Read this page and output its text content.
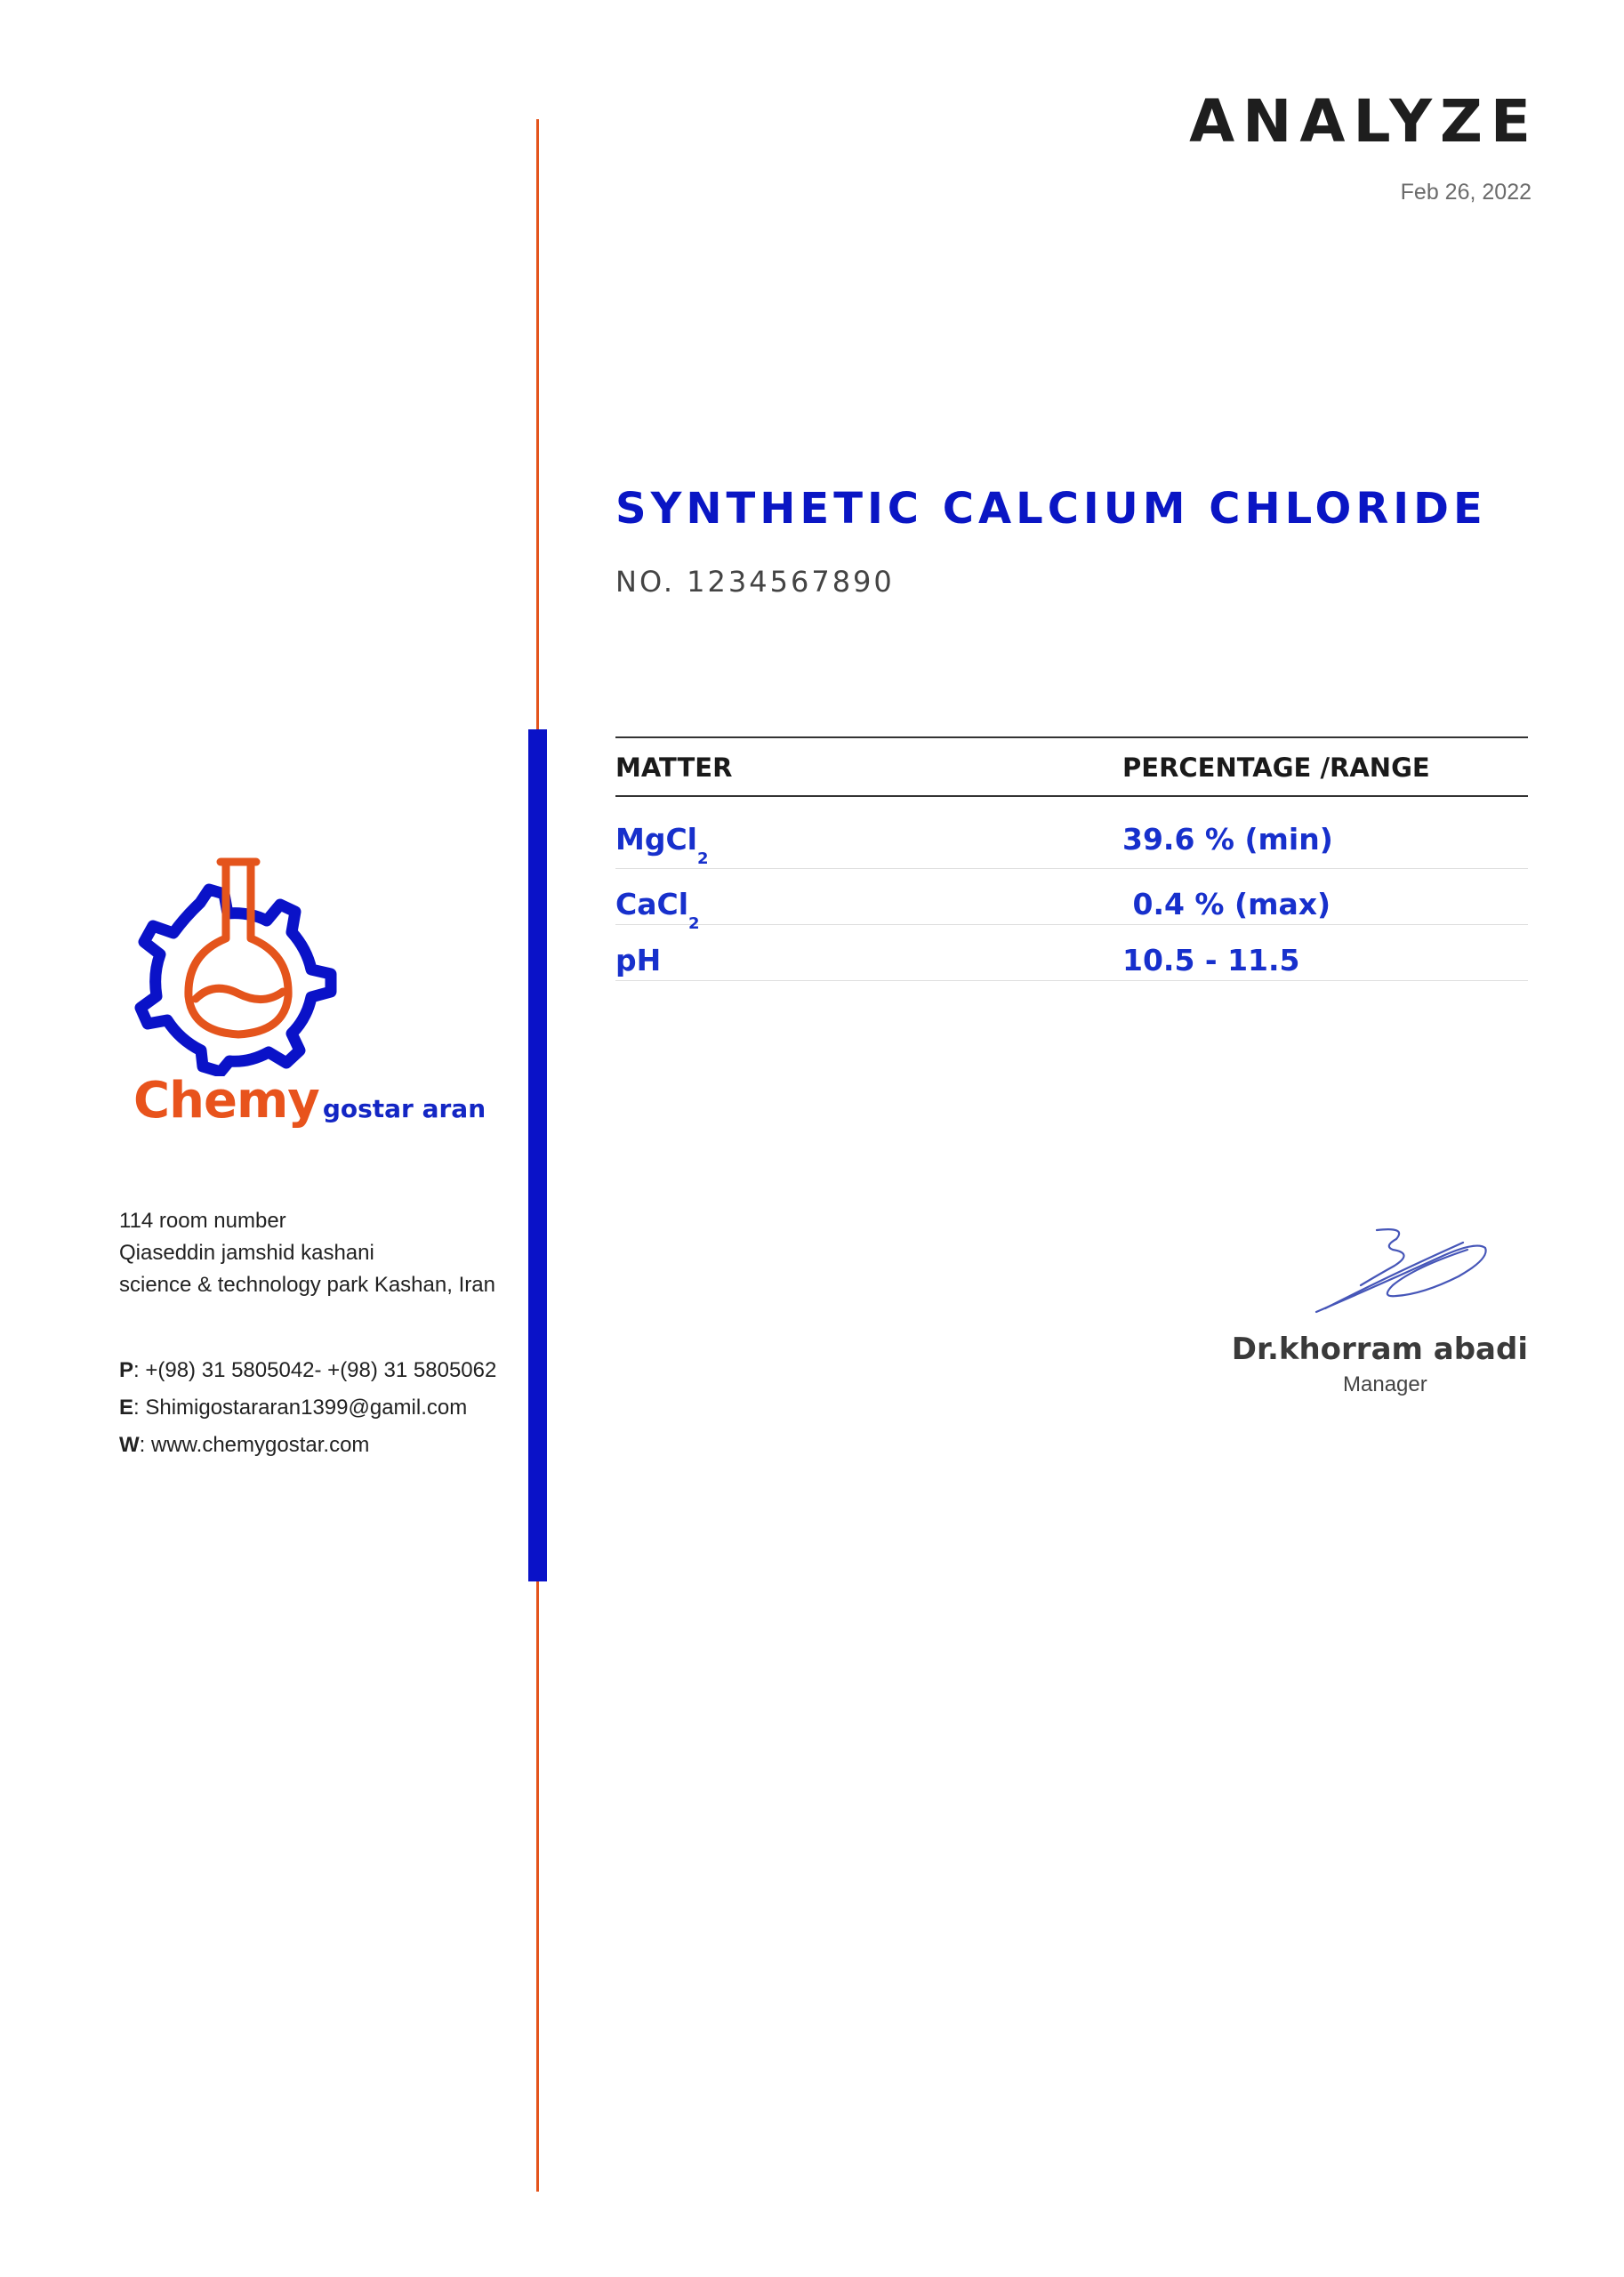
ANALYZE
Feb 26, 2022
SYNTHETIC CALCIUM CHLORIDE
NO. 1234567890
MATTER	PERCENTAGE /RANGE
MgCl$_2$
39.6 % (min)
CaCl$_2$
0.4 % (max)
pH	10.5 - 11.5
Chemy gostar aran
114 room number
Qiaseddin jamshid kashani
science & technology park Kashan, Iran
P: +(98) 31 5805042- +(98) 31 5805062
E: Shimigostararan1399@gamil.com
W: www.chemygostar.com
Dr.khorram abadi
Manager
